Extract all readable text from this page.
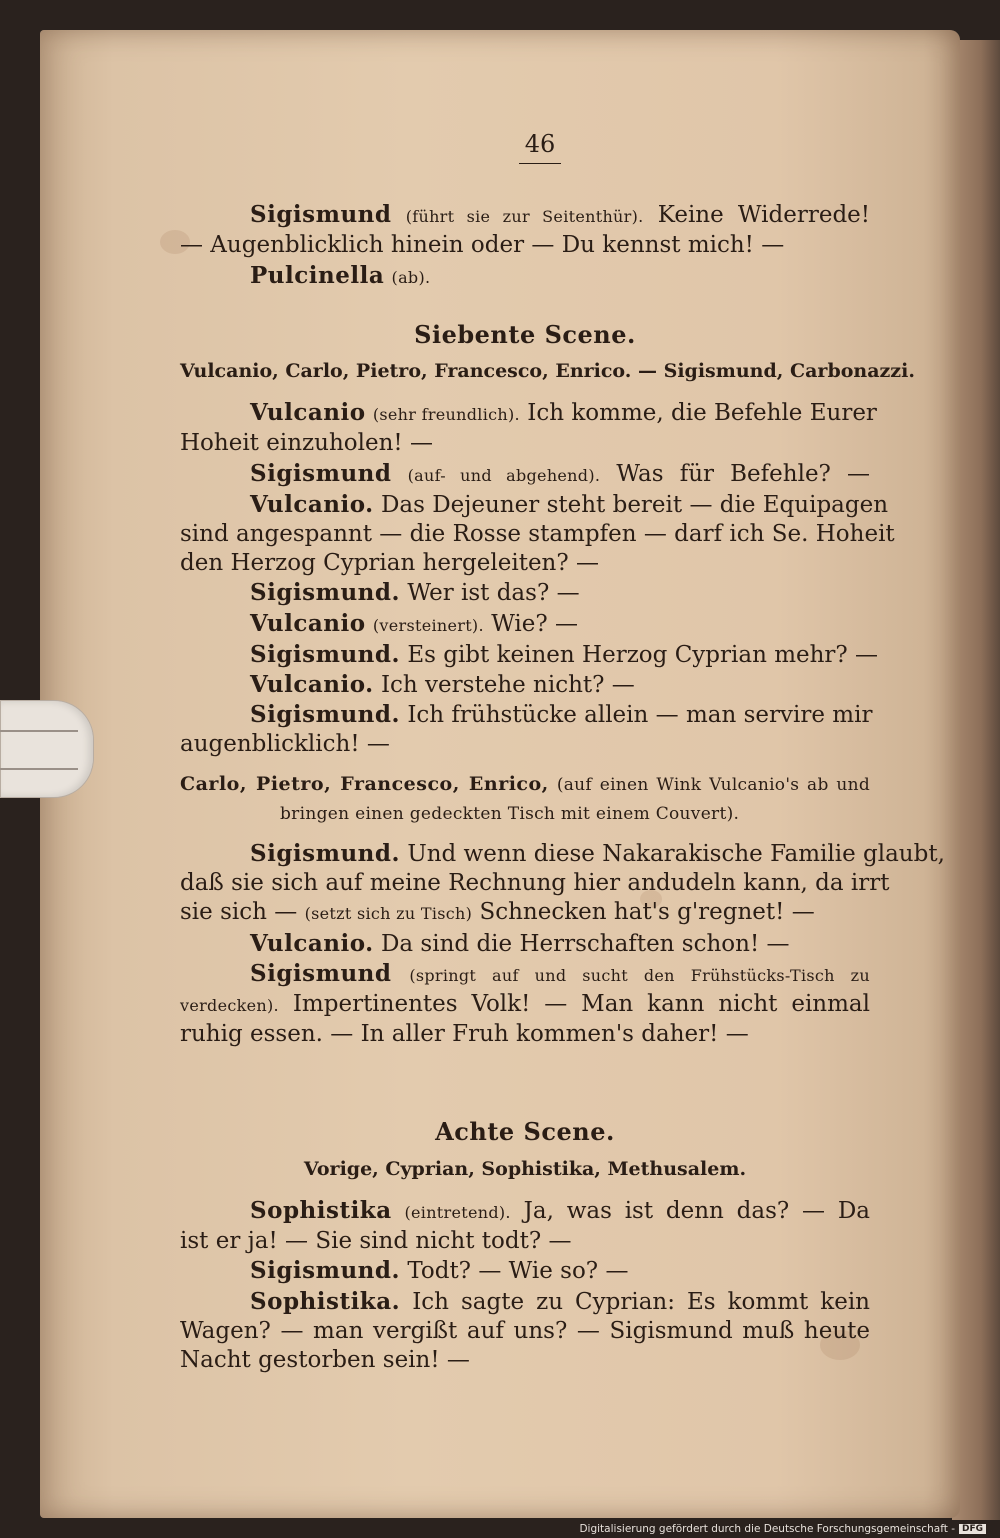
46
Sigismund (führt sie zur Seitenthür). Keine Widerrede!
— Augenblicklich hinein oder — Du kennst mich! —
Pulcinella (ab).
Siebente Scene.
Vulcanio, Carlo, Pietro, Francesco, Enrico. — Sigismund, Carbonazzi.
Vulcanio (sehr freundlich). Ich komme, die Befehle Eurer
Hoheit einzuholen! —
Sigismund (auf- und abgehend). Was für Befehle? —
Vulcanio. Das Dejeuner steht bereit — die Equipagen
sind angespannt — die Rosse stampfen — darf ich Se. Hoheit
den Herzog Cyprian hergeleiten? —
Sigismund. Wer ist das? —
Vulcanio (versteinert). Wie? —
Sigismund. Es gibt keinen Herzog Cyprian mehr? —
Vulcanio. Ich verstehe nicht? —
Sigismund. Ich frühstücke allein — man servire mir
augenblicklich! —
Carlo, Pietro, Francesco, Enrico, (auf einen Wink Vulcanio's ab und
bringen einen gedeckten Tisch mit einem Couvert).
Sigismund. Und wenn diese Nakarakische Familie glaubt,
daß sie sich auf meine Rechnung hier andudeln kann, da irrt
sie sich — (setzt sich zu Tisch) Schnecken hat's g'regnet! —
Vulcanio. Da sind die Herrschaften schon! —
Sigismund (springt auf und sucht den Frühstücks-Tisch zu
verdecken). Impertinentes Volk! — Man kann nicht einmal
ruhig essen. — In aller Fruh kommen's daher! —
Achte Scene.
Vorige, Cyprian, Sophistika, Methusalem.
Sophistika (eintretend). Ja, was ist denn das? — Da
ist er ja! — Sie sind nicht todt? —
Sigismund. Todt? — Wie so? —
Sophistika. Ich sagte zu Cyprian: Es kommt kein
Wagen? — man vergißt auf uns? — Sigismund muß heute
Nacht gestorben sein! —
Digitalisierung gefördert durch die Deutsche Forschungsgemeinschaft - DFG
